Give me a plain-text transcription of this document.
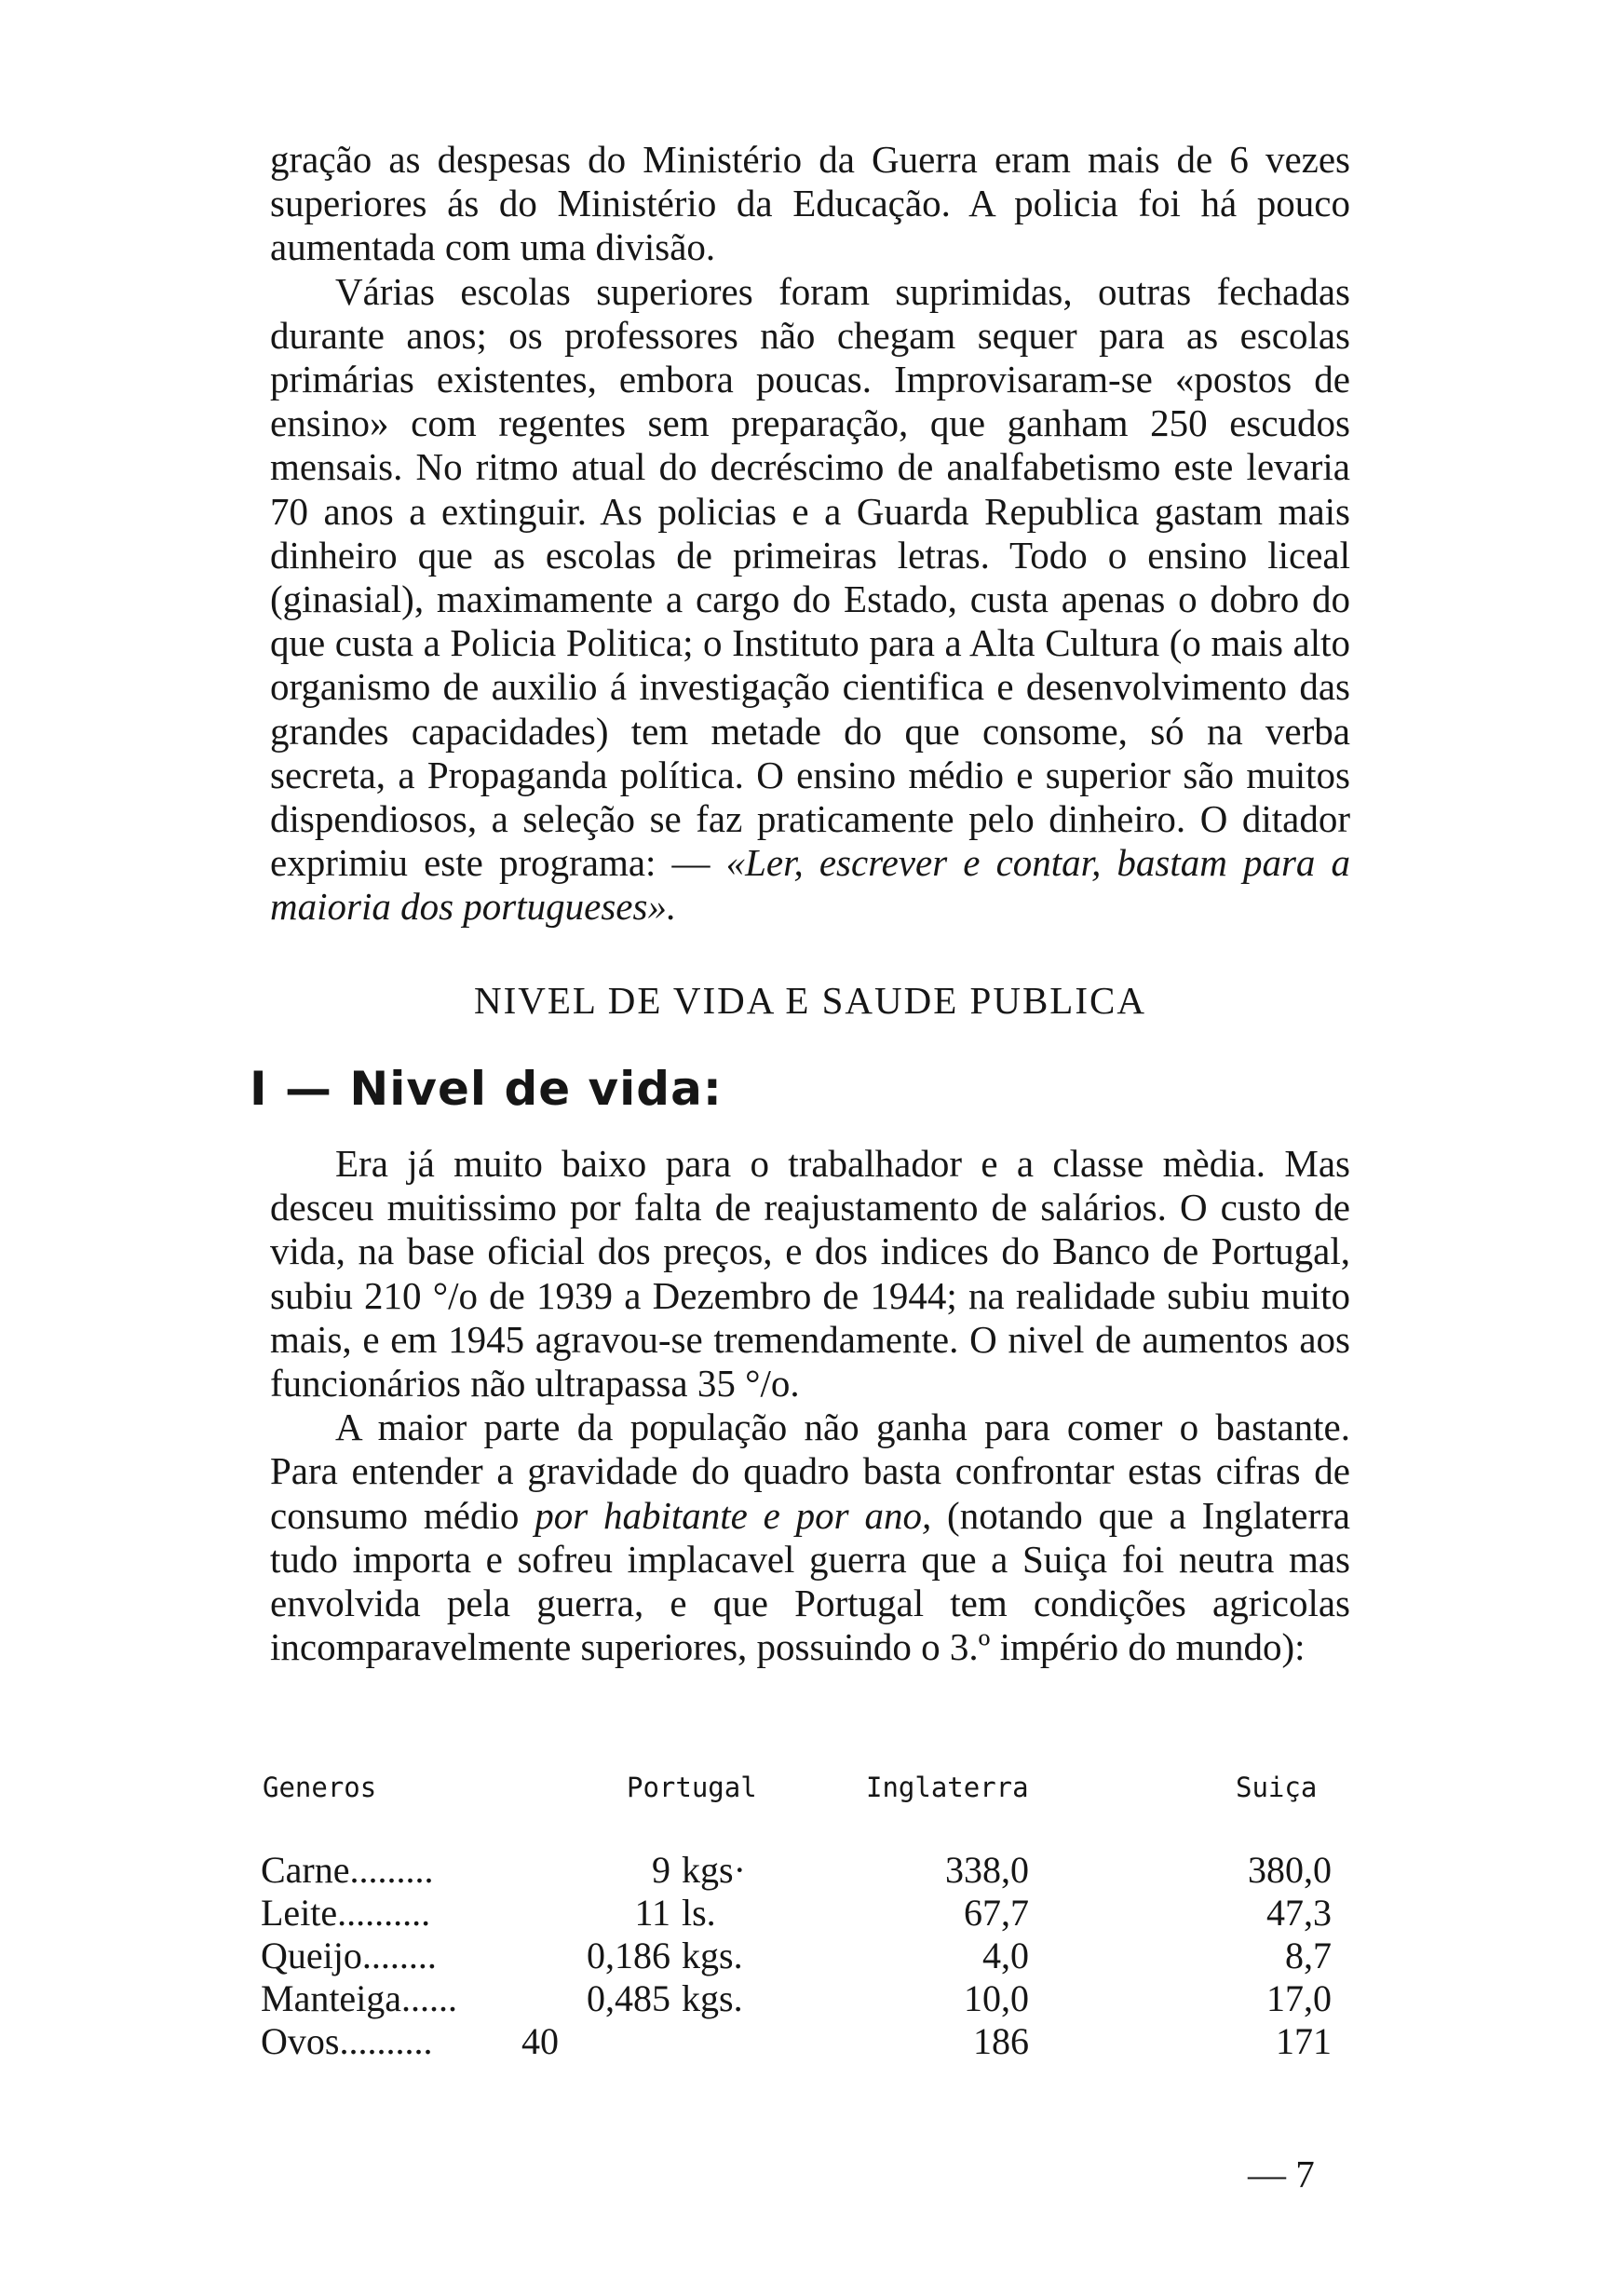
gração as despesas do Ministério da Guerra eram mais de 6 vezes superiores ás do Ministério da Educação. A policia foi há pouco aumentada com uma divisão.

Várias escolas superiores foram suprimidas, outras fechadas durante anos; os professores não chegam sequer para as escolas primárias existentes, embora poucas. Improvisaram-se «postos de ensino» com regentes sem preparação, que ganham 250 escudos mensais. No ritmo atual do decréscimo de analfabetismo este levaria 70 anos a extinguir. As policias e a Guarda Republica gastam mais dinheiro que as escolas de primeiras letras. Todo o ensino liceal (ginasial), maximamente a cargo do Estado, custa apenas o dobro do que custa a Policia Politica; o Instituto para a Alta Cultura (o mais alto organismo de auxilio á investigação cientifica e desenvolvimento das grandes capacidades) tem metade do que consome, só na verba secreta, a Propaganda política. O ensino médio e superior são muitos dispendiosos, a seleção se faz praticamente pelo dinheiro. O ditador exprimiu este programa: — «Ler, escrever e contar, bastam para a maioria dos portugueses».

NIVEL DE VIDA E SAUDE PUBLICA
I — Nivel de vida:

Era já muito baixo para o trabalhador e a classe mèdia. Mas desceu muitissimo por falta de reajustamento de salários. O custo de vida, na base oficial dos preços, e dos indices do Banco de Portugal, subiu 210 °/o de 1939 a Dezembro de 1944; na realidade subiu muito mais, e em 1945 agravou-se tremendamente. O nivel de aumentos aos funcionários não ultrapassa 35 °/o.

A maior parte da população não ganha para comer o bastante. Para entender a gravidade do quadro basta confrontar estas cifras de consumo médio por habitante e por ano, (notando que a Inglaterra tudo importa e sofreu implacavel guerra que a Suiça foi neutra mas envolvida pela guerra, e que Portugal tem condições agricolas incomparavelmente superiores, possuindo o 3.º império do mundo):

Generos	Portugal	Inglaterra	Suiça
Carne.........	9 kgs·	338,0	380,0
Leite..........	11 ls.	67,7	47,3
Queijo........	0,186 kgs.	4,0	8,7
Manteiga......	0,485 kgs.	10,0	17,0
Ovos..........	40	186	171
— 7
